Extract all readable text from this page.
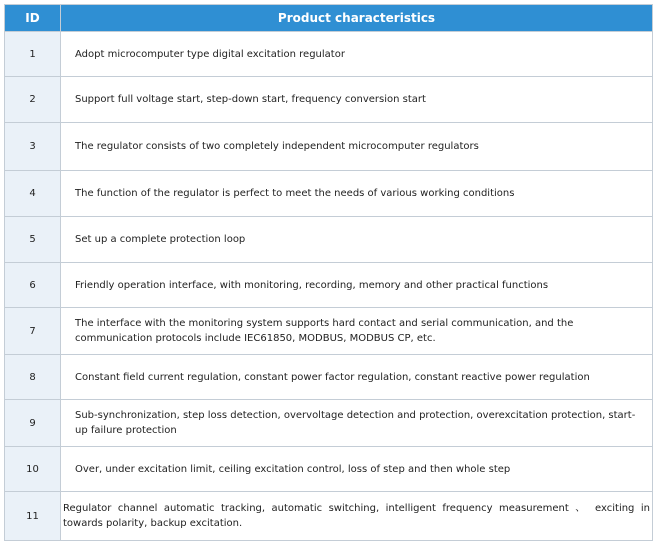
ID	Product characteristics
1	Adopt microcomputer type digital excitation regulator
2	Support full voltage start, step-down start, frequency conversion start
3	The regulator consists of two completely independent microcomputer regulators
4	The function of the regulator is perfect to meet the needs of various working conditions
5	Set up a complete protection loop
6	Friendly operation interface, with monitoring, recording, memory and other practical functions
7	The interface with the monitoring system supports hard contact and serial communication, and the communication protocols include IEC61850, MODBUS, MODBUS CP, etc.
8	Constant field current regulation, constant power factor regulation, constant reactive power regulation
9	Sub-synchronization, step loss detection, overvoltage detection and protection, overexcitation protection, start-up failure protection
10	Over, under excitation limit, ceiling excitation control, loss of step and then whole step
11	Regulator channel automatic tracking, automatic switching, intelligent frequency measurement 、 exciting in towards polarity, backup excitation.
